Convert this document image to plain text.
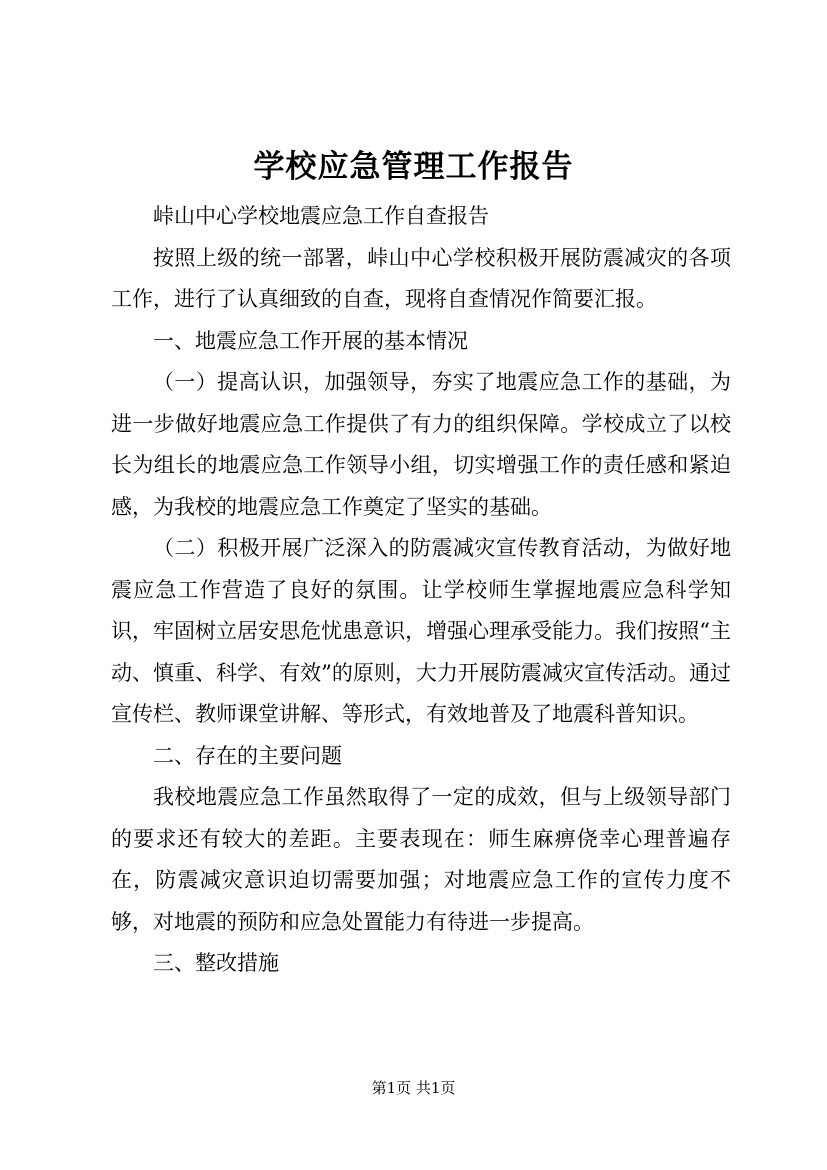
学校应急管理工作报告

峠山中心学校地震应急工作自查报告

按照上级的统一部署，峠山中心学校积极开展防震减灾的各项工作，进行了认真细致的自查，现将自查情况作简要汇报。

一、地震应急工作开展的基本情况

（一）提高认识，加强领导，夯实了地震应急工作的基础，为进一步做好地震应急工作提供了有力的组织保障。学校成立了以校长为组长的地震应急工作领导小组，切实增强工作的责任感和紧迫感，为我校的地震应急工作奠定了坚实的基础。

（二）积极开展广泛深入的防震减灾宣传教育活动，为做好地震应急工作营造了良好的氛围。让学校师生掌握地震应急科学知识，牢固树立居安思危忧患意识，增强心理承受能力。我们按照“主动、慎重、科学、有效”的原则，大力开展防震减灾宣传活动。通过宣传栏、教师课堂讲解、等形式，有效地普及了地震科普知识。

二、存在的主要问题

我校地震应急工作虽然取得了一定的成效，但与上级领导部门的要求还有较大的差距。主要表现在：师生麻痹侥幸心理普遍存在，防震减灾意识迫切需要加强；对地震应急工作的宣传力度不够，对地震的预防和应急处置能力有待进一步提高。

三、整改措施

第1页 共1页
